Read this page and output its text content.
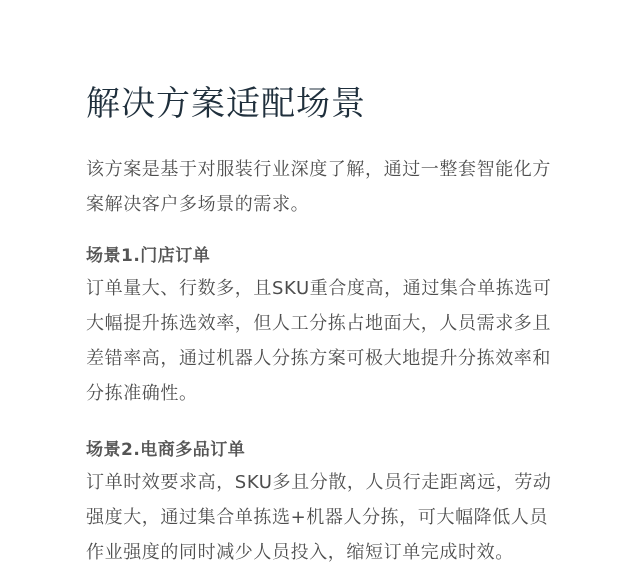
解决方案适配场景

该方案是基于对服装行业深度了解，通过一整套智能化方案解决客户多场景的需求。

场景1.门店订单

订单量大、行数多，且SKU重合度高，通过集合单拣选可大幅提升拣选效率，但人工分拣占地面大，人员需求多且差错率高，通过机器人分拣方案可极大地提升分拣效率和分拣准确性。

场景2.电商多品订单

订单时效要求高，SKU多且分散，人员行走距离远，劳动强度大，通过集合单拣选+机器人分拣，可大幅降低人员作业强度的同时减少人员投入，缩短订单完成时效。
